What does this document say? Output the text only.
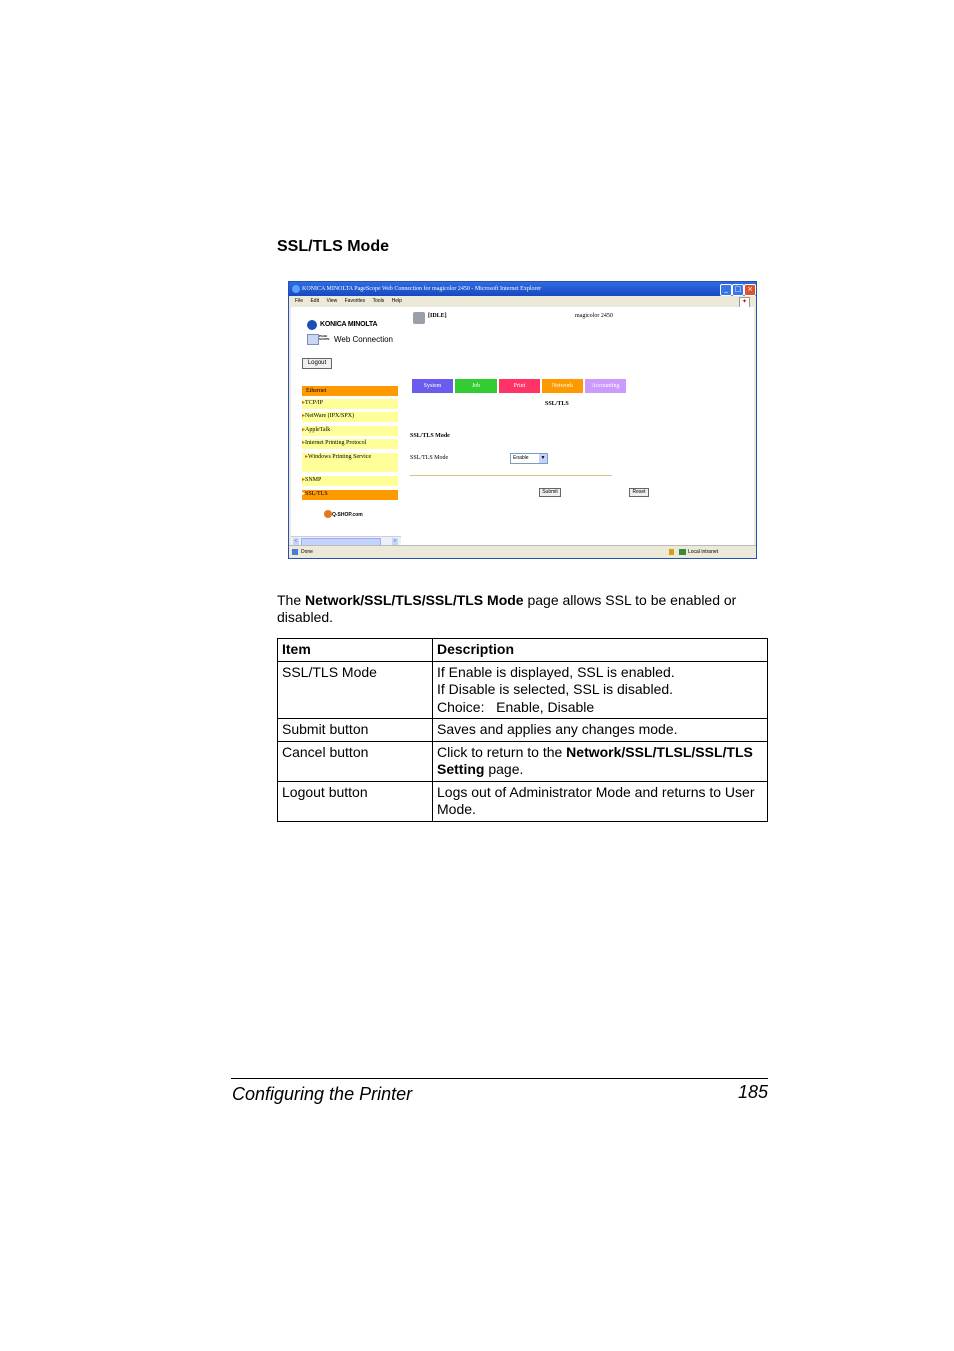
SSL/TLS Mode
KONICA MINOLTA PageScope Web Connection for magicolor 2450 - Microsoft Internet Explorer	_ □ ×
File Edit View Favorites Tools Help	✦
KONICA MINOLTA
PAGE SCOPE Web Connection
Logout
Ethernet
▸TCP/IP
▸NetWare (IPX/SPX)
▸AppleTalk
▸Internet Printing Protocol
▸Windows Printing Service
▸SNMP
▸SSL/TLS
Q-SHOP.com
[IDLE]	magicolor 2450
System	Job	Print	Network	Accounting
SSL/TLS
SSL/TLS Mode
SSL/TLS Mode	Enable	▼
Submit	Reset
‹	›
Done	Local intranet
The Network/SSL/TLS/SSL/TLS Mode page allows SSL to be enabled or disabled.
Item	Description
SSL/TLS Mode	If Enable is displayed, SSL is enabled.
If Disable is selected, SSL is disabled.
Choice:   Enable, Disable

Submit button	Saves and applies any changes mode.

Cancel button	Click to return to the Network/SSL/TLSL/SSL/TLS Setting page.
Logout button	Logs out of Administrator Mode and returns to User Mode.
Configuring the Printer	185
